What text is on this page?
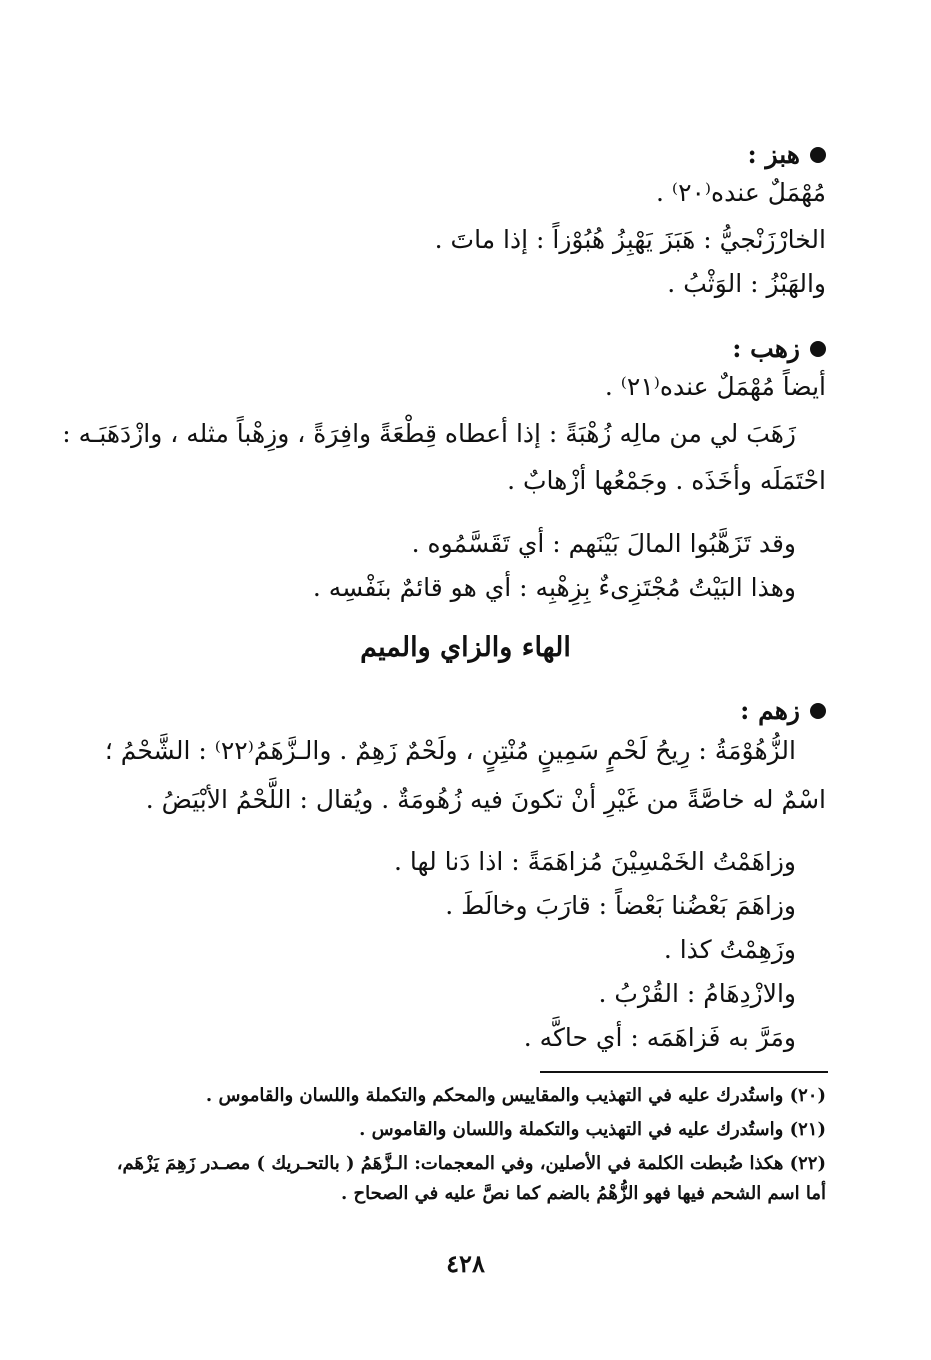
هبز :

مُهْمَلٌ عنده⁽٢٠⁾ .

الخارْزَنْجيُّ : هَبَزَ يَهْبِزُ هُبُوْزاً : إذا ماتَ .

والهَبْزُ : الوَثْبُ .

زهب :

أيضاً مُهْمَلٌ عنده⁽٢١⁾ .

زَهَبَ لي من مالِه زُهْبَةً : إذا أعطاه قِطْعَةً وافِرَةً ، وزِهْباً مثله ، وازْدَهَبَـه :

احْتَمَلَه وأخَذَه . وجَمْعُها أزْهابٌ .

وقد تَزَهَّبُوا المالَ بَيْنَهم : أي تَقَسَّمُوه .

وهذا البَيْتُ مُجْتَزِىءٌ بِزِهْبِه : أي هو قائمٌ بنَفْسِه .

الهاء والزاي والميم
زهم :

الزُّهُوْمَةُ : رِيحُ لَحْمٍ سَمِينٍ مُنْتِنٍ ، ولَحْمٌ زَهِمٌ . والـزَّهَمُ⁽٢٢⁾ : الشَّحْمُ ؛

اسْمٌ له خاصَّةً من غَيْرِ أنْ تكونَ فيه زُهُومَةٌ . ويُقال : اللَّحْمُ الأبْيَضُ .

وزاهَمْتُ الخَمْسِيْنَ مُزاهَمَةً : اذا دَنا لها .

وزاهَمَ بَعْضُنا بَعْضاً : قارَبَ وخالَطَ .

وزَهِمْتُ كذا .

والازْدِهَامُ : القُرْبُ .

ومَرَّ به فَزاهَمَه : أي حاكَّه .

(٢٠) واستُدرك عليه في التهذيب والمقاييس والمحكم والتكملة واللسان والقاموس .

(٢١) واستُدرك عليه في التهذيب والتكملة واللسان والقاموس .

(٢٢) هكذا ضُبطت الكلمة في الأصلين، وفي المعجمات: الـزَّهَمُ ( بالتحـريك ) مصـدر زَهِمَ يَزْهَم،

أما اسم الشحم فيها فهو الزُّهْمُ بالضم كما نصَّ عليه في الصحاح .

٤٢٨
